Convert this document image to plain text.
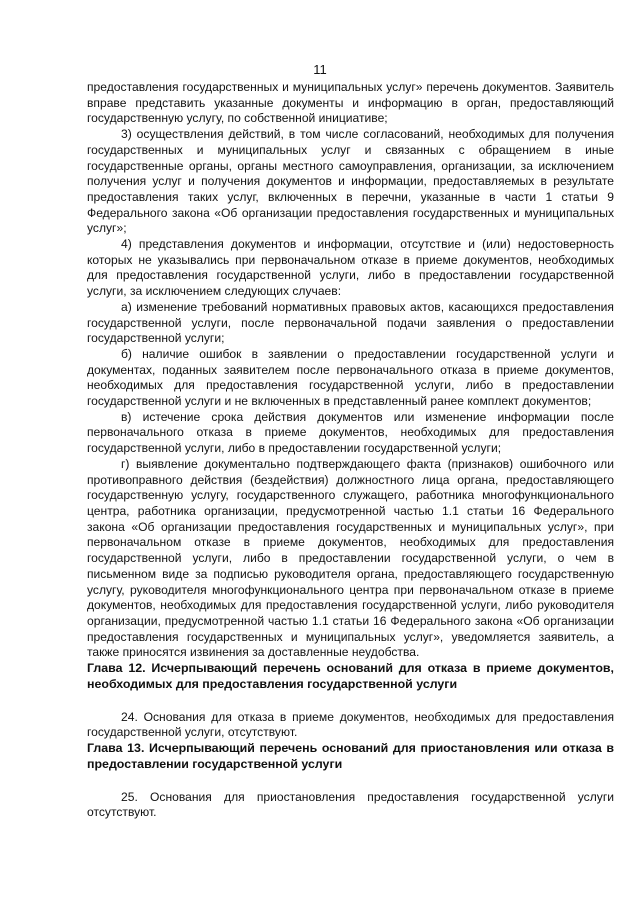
11

предоставления государственных и муниципальных услуг» перечень документов. Заявитель вправе представить указанные документы и информацию в орган, предоставляющий государственную услугу, по собственной инициативе;

3) осуществления действий, в том числе согласований, необходимых для получения государственных и муниципальных услуг и связанных с обращением в иные государственные органы, органы местного самоуправления, организации, за исключением получения услуг и получения документов и информации, предоставляемых в результате предоставления таких услуг, включенных в перечни, указанные в части 1 статьи 9 Федерального закона «Об организации предоставления государственных и муниципальных услуг»;

4) представления документов и информации, отсутствие и (или) недостоверность которых не указывались при первоначальном отказе в приеме документов, необходимых для предоставления государственной услуги, либо в предоставлении государственной услуги, за исключением следующих случаев:

а) изменение требований нормативных правовых актов, касающихся предоставления государственной услуги, после первоначальной подачи заявления о предоставлении государственной услуги;

б) наличие ошибок в заявлении о предоставлении государственной услуги и документах, поданных заявителем после первоначального отказа в приеме документов, необходимых для предоставления государственной услуги, либо в предоставлении государственной услуги и не включенных в представленный ранее комплект документов;

в) истечение срока действия документов или изменение информации после первоначального отказа в приеме документов, необходимых для предоставления государственной услуги, либо в предоставлении государственной услуги;

г) выявление документально подтверждающего факта (признаков) ошибочного или противоправного действия (бездействия) должностного лица органа, предоставляющего государственную услугу, государственного служащего, работника многофункционального центра, работника организации, предусмотренной частью 1.1 статьи 16 Федерального закона «Об организации предоставления государственных и муниципальных услуг», при первоначальном отказе в приеме документов, необходимых для предоставления государственной услуги, либо в предоставлении государственной услуги, о чем в письменном виде за подписью руководителя органа, предоставляющего государственную услугу, руководителя многофункционального центра при первоначальном отказе в приеме документов, необходимых для предоставления государственной услуги, либо руководителя организации, предусмотренной частью 1.1 статьи 16 Федерального закона «Об организации предоставления государственных и муниципальных услуг», уведомляется заявитель, а также приносятся извинения за доставленные неудобства.

Глава 12. Исчерпывающий перечень оснований для отказа в приеме документов, необходимых для предоставления государственной услуги

24. Основания для отказа в приеме документов, необходимых для предоставления государственной услуги, отсутствуют.

Глава 13. Исчерпывающий перечень оснований для приостановления или отказа в предоставлении государственной услуги

25. Основания для приостановления предоставления государственной услуги отсутствуют.
